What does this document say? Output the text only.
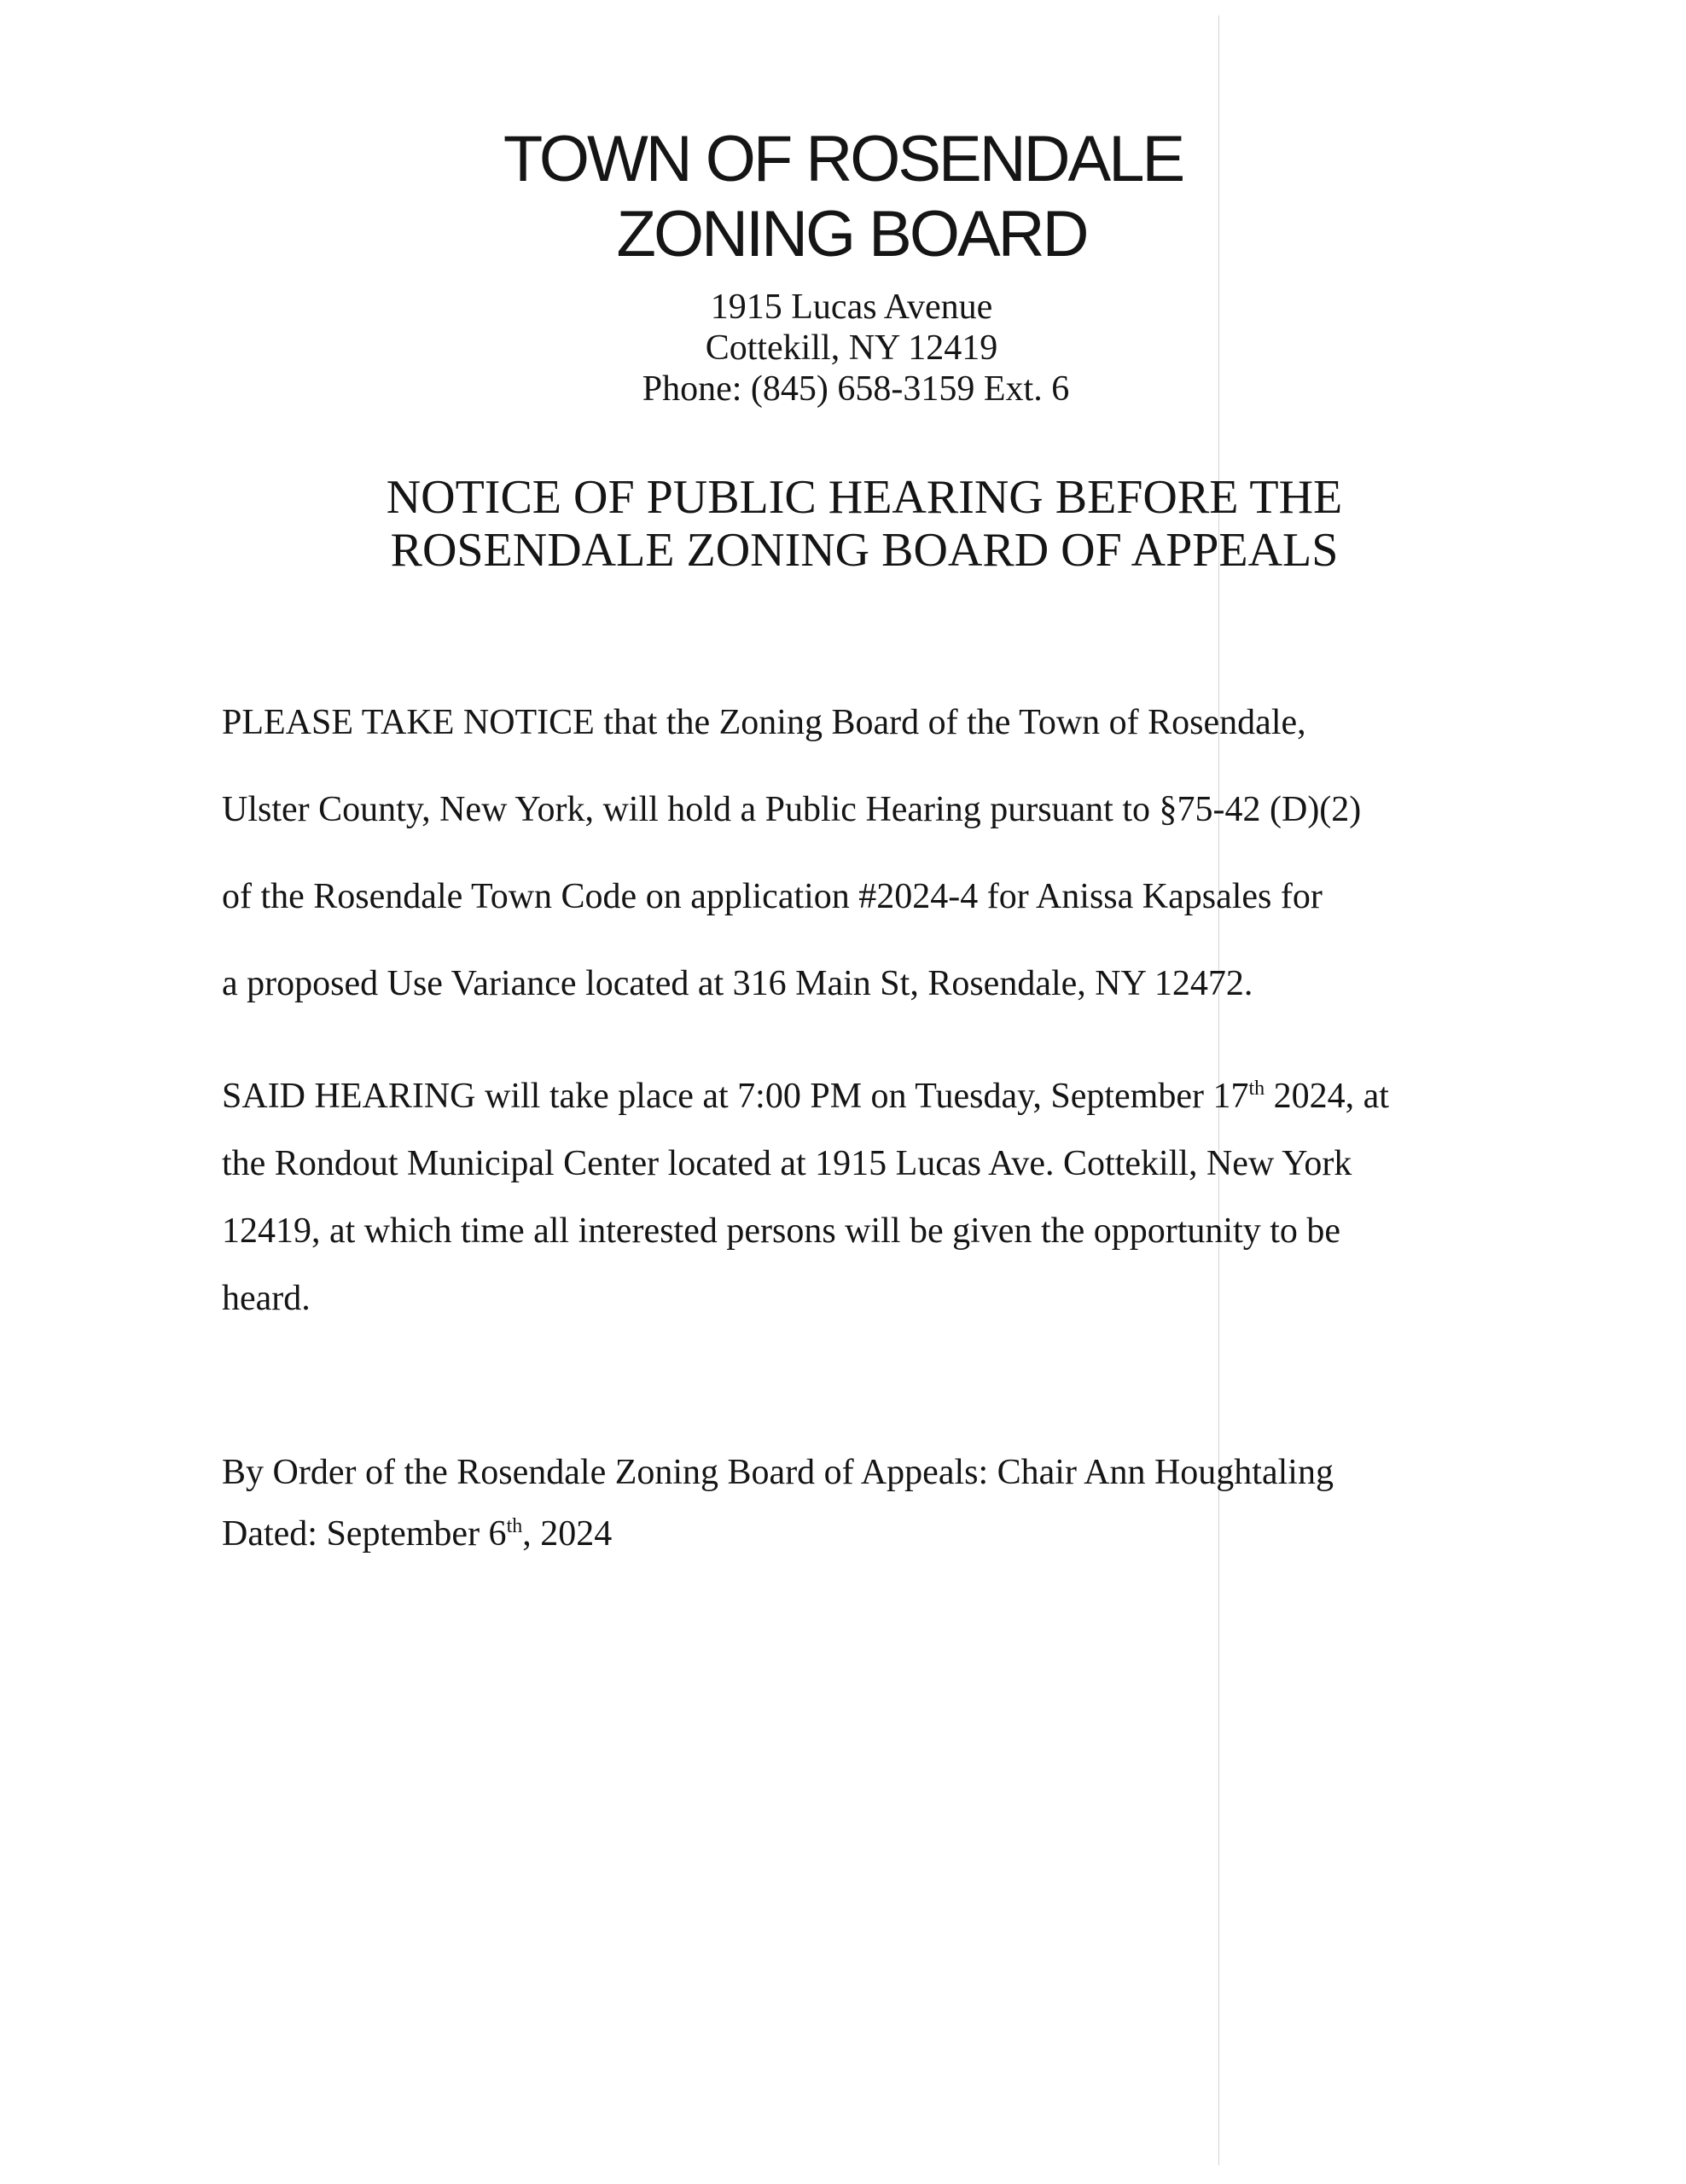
TOWN OF ROSENDALE
ZONING BOARD
1915 Lucas Avenue
Cottekill, NY 12419
Phone: (845) 658-3159 Ext. 6
NOTICE OF PUBLIC HEARING BEFORE THE
ROSENDALE ZONING BOARD OF APPEALS
PLEASE TAKE NOTICE that the Zoning Board of the Town of Rosendale,
Ulster County, New York, will hold a Public Hearing pursuant to §75-42 (D)(2)
of the Rosendale Town Code on application #2024-4 for Anissa Kapsales for
a proposed Use Variance located at 316 Main St, Rosendale, NY 12472.
SAID HEARING will take place at 7:00 PM on Tuesday, September 17th 2024, at
the Rondout Municipal Center located at 1915 Lucas Ave. Cottekill, New York
12419, at which time all interested persons will be given the opportunity to be
heard.
By Order of the Rosendale Zoning Board of Appeals: Chair Ann Houghtaling
Dated: September 6th, 2024
